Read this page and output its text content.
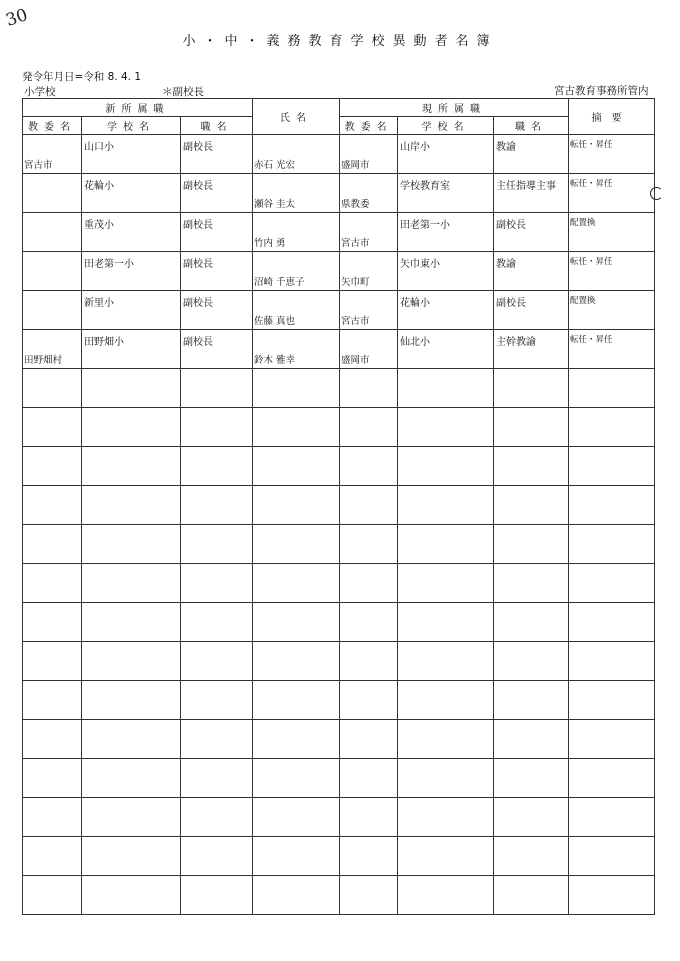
30
小・中・義務教育学校異動者名簿
発令年月日=令和 8. 4. 1
小学校	＊副校長	宮古教育事務所管内
新所属職			氏名	現所属職			摘要
教委名	学校名	職名		教委名	学校名	職名	

宮古市	山口小	副校長	赤石 光宏	盛岡市	山岸小	教諭	転任・昇任

	花輪小	副校長	瀬谷 圭太	県教委	学校教育室	主任指導主事	転任・昇任

	重茂小	副校長	竹内 勇	宮古市	田老第一小	副校長	配置換

	田老第一小	副校長	沼崎 千恵子	矢巾町	矢巾東小	教諭	転任・昇任

	新里小	副校長	佐藤 真也	宮古市	花輪小	副校長	配置換

田野畑村	田野畑小	副校長	鈴木 雅幸	盛岡市	仙北小	主幹教諭	転任・昇任
